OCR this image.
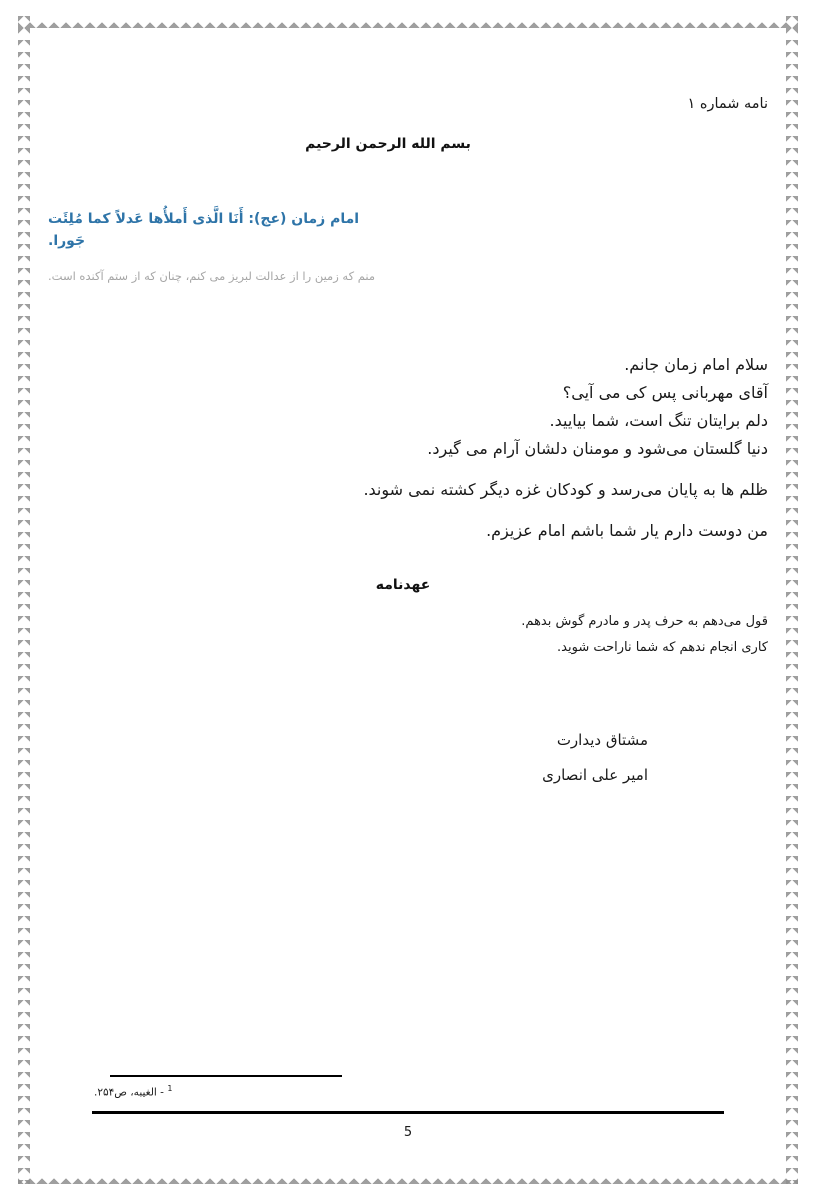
نامه شماره ۱
بسم الله الرحمن الرحیم
امام زمان (عج): أَنَا الَّذی أَملأُها عَدلاً کما مُلِئَت جَورا.
منم که زمین را از عدالت لبریز می کنم، چنان که از ستم آکنده است.
سلام امام زمان جانم.
آقای مهربانی پس کی می آیی؟
دلم برایتان تنگ است، شما بیایید.
دنیا گلستان می‌شود و مومنان دلشان آرام می گیرد.
ظلم ها به پایان می‌رسد و کودکان غزه دیگر کشته نمی شوند.
من دوست دارم یار شما باشم امام عزیزم.
عهدنامه
قول می‌دهم به حرف پدر و مادرم گوش بدهم.
کاری انجام ندهم که شما ناراحت شوید.
مشتاق دیدارت
امیر علی انصاری
$^1$ - الغیبه، ص۲۵۴.
5
